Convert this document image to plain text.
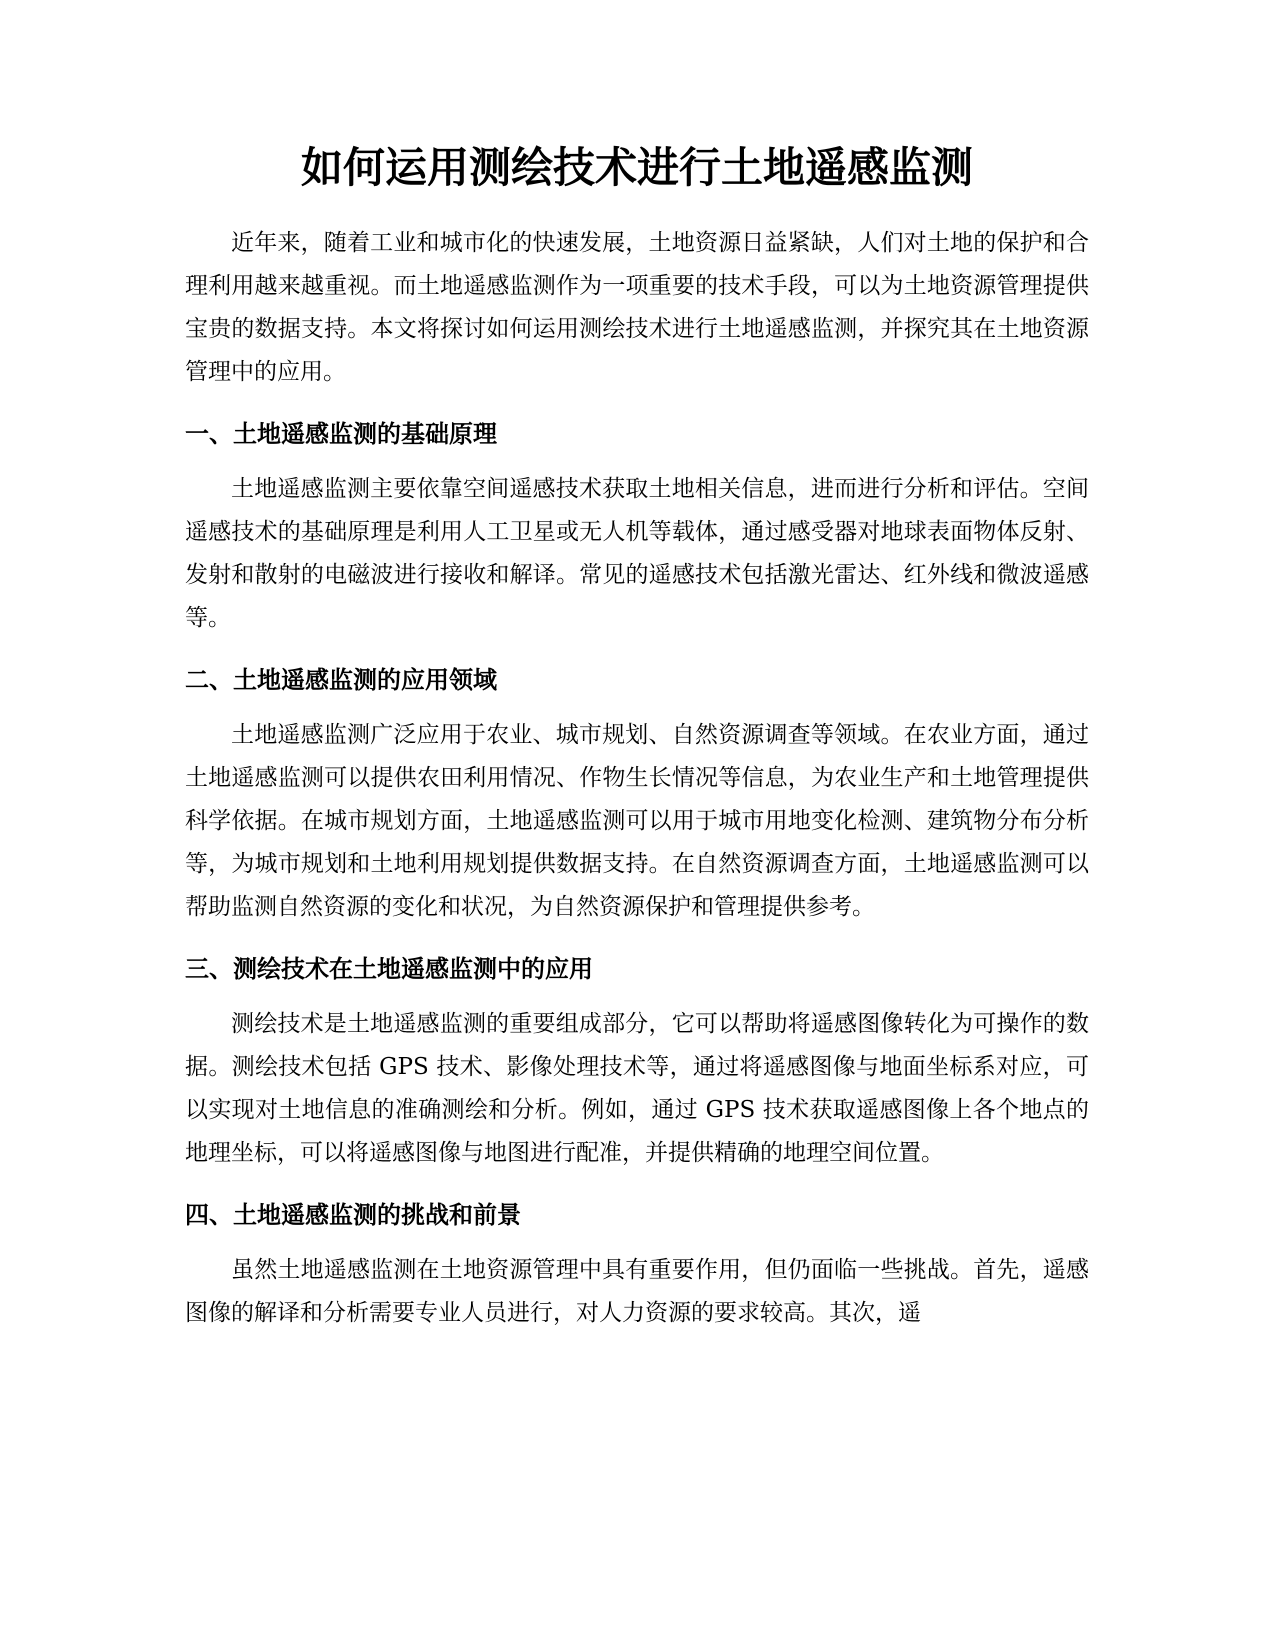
如何运用测绘技术进行土地遥感监测

近年来，随着工业和城市化的快速发展，土地资源日益紧缺，人们对土地的保护和合理利用越来越重视。而土地遥感监测作为一项重要的技术手段，可以为土地资源管理提供宝贵的数据支持。本文将探讨如何运用测绘技术进行土地遥感监测，并探究其在土地资源管理中的应用。

一、土地遥感监测的基础原理

土地遥感监测主要依靠空间遥感技术获取土地相关信息，进而进行分析和评估。空间遥感技术的基础原理是利用人工卫星或无人机等载体，通过感受器对地球表面物体反射、发射和散射的电磁波进行接收和解译。常见的遥感技术包括激光雷达、红外线和微波遥感等。

二、土地遥感监测的应用领域

土地遥感监测广泛应用于农业、城市规划、自然资源调查等领域。在农业方面，通过土地遥感监测可以提供农田利用情况、作物生长情况等信息，为农业生产和土地管理提供科学依据。在城市规划方面，土地遥感监测可以用于城市用地变化检测、建筑物分布分析等，为城市规划和土地利用规划提供数据支持。在自然资源调查方面，土地遥感监测可以帮助监测自然资源的变化和状况，为自然资源保护和管理提供参考。

三、测绘技术在土地遥感监测中的应用

测绘技术是土地遥感监测的重要组成部分，它可以帮助将遥感图像转化为可操作的数据。测绘技术包括 GPS 技术、影像处理技术等，通过将遥感图像与地面坐标系对应，可以实现对土地信息的准确测绘和分析。例如，通过 GPS 技术获取遥感图像上各个地点的地理坐标，可以将遥感图像与地图进行配准，并提供精确的地理空间位置。

四、土地遥感监测的挑战和前景

虽然土地遥感监测在土地资源管理中具有重要作用，但仍面临一些挑战。首先，遥感图像的解译和分析需要专业人员进行，对人力资源的要求较高。其次，遥
